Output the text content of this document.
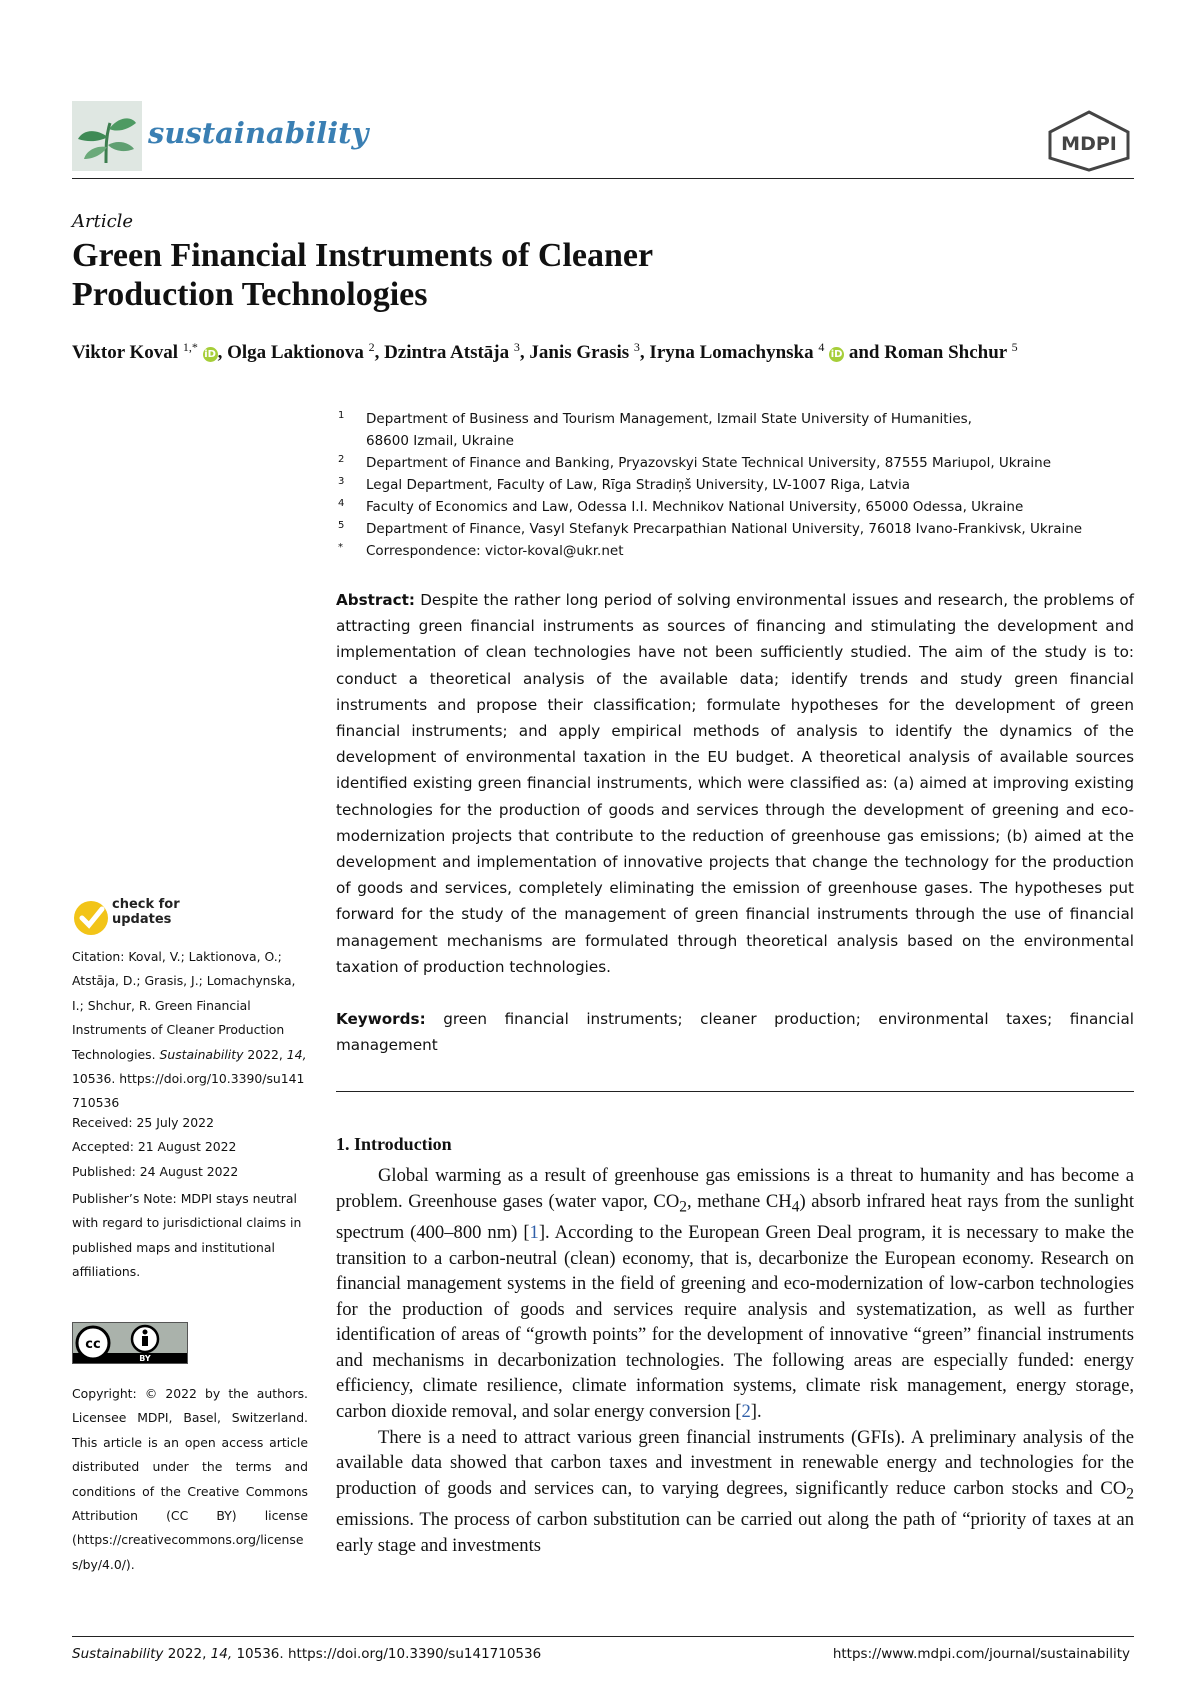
sustainability	MDPI
Article
Green Financial Instruments of Cleaner
Production Technologies
Viktor Koval $^{1,*}$ iD, Olga Laktionova $^2$, Dzintra Atstāja $^3$, Janis Grasis $^3$, Iryna Lomachynska $^4$ iD and Roman Shchur $^5$
1 Department of Business and Tourism Management, Izmail State University of Humanities,
68600 Izmail, Ukraine
2 Department of Finance and Banking, Pryazovskyi State Technical University, 87555 Mariupol, Ukraine
3 Legal Department, Faculty of Law, Rīga Stradiņš University, LV-1007 Riga, Latvia
4 Faculty of Economics and Law, Odessa I.I. Mechnikov National University, 65000 Odessa, Ukraine
5 Department of Finance, Vasyl Stefanyk Precarpathian National University, 76018 Ivano-Frankivsk, Ukraine
* Correspondence: victor-koval@ukr.net
Abstract: Despite the rather long period of solving environmental issues and research, the problems of attracting green financial instruments as sources of financing and stimulating the development and implementation of clean technologies have not been sufficiently studied. The aim of the study is to: conduct a theoretical analysis of the available data; identify trends and study green financial instruments and propose their classification; formulate hypotheses for the development of green financial instruments; and apply empirical methods of analysis to identify the dynamics of the development of environmental taxation in the EU budget. A theoretical analysis of available sources identified existing green financial instruments, which were classified as: (a) aimed at improving existing technologies for the production of goods and services through the development of greening and eco-modernization projects that contribute to the reduction of greenhouse gas emissions; (b) aimed at the development and implementation of innovative projects that change the technology for the production of goods and services, completely eliminating the emission of greenhouse gases. The hypotheses put forward for the study of the management of green financial instruments through the use of financial management mechanisms are formulated through theoretical analysis based on the environmental taxation of production technologies.
Keywords: green financial instruments; cleaner production; environmental taxes; financial management
1. Introduction

Global warming as a result of greenhouse gas emissions is a threat to humanity and has become a problem. Greenhouse gases (water vapor, $CO_2$, methane $CH_4$) absorb infrared heat rays from the sunlight spectrum (400–800 nm) [1]. According to the European Green Deal program, it is necessary to make the transition to a carbon-neutral (clean) economy, that is, decarbonize the European economy. Research on financial management systems in the field of greening and eco-modernization of low-carbon technologies for the production of goods and services require analysis and systematization, as well as further identification of areas of “growth points” for the development of innovative “green” financial instruments and mechanisms in decarbonization technologies. The following areas are especially funded: energy efficiency, climate resilience, climate information systems, climate risk management, energy storage, carbon dioxide removal, and solar energy conversion [2].

There is a need to attract various green financial instruments (GFIs). A preliminary analysis of the available data showed that carbon taxes and investment in renewable energy and technologies for the production of goods and services can, to varying degrees, significantly reduce carbon stocks and $CO_2$ emissions. The process of carbon substitution can be carried out along the path of “priority of taxes at an early stage and investments

check for
updates
Citation: Koval, V.; Laktionova, O.; Atstāja, D.; Grasis, J.; Lomachynska, I.; Shchur, R. Green Financial Instruments of Cleaner Production Technologies. Sustainability 2022, 14, 10536. https://doi.org/10.3390/su141710536
Received: 25 July 2022
Accepted: 21 August 2022
Published: 24 August 2022
Publisher’s Note: MDPI stays neutral with regard to jurisdictional claims in published maps and institutional affiliations.
cc
BY
Copyright: © 2022 by the authors. Licensee MDPI, Basel, Switzerland. This article is an open access article distributed under the terms and conditions of the Creative Commons Attribution (CC BY) license (https://creativecommons.org/licenses/by/4.0/).
Sustainability 2022, 14, 10536. https://doi.org/10.3390/su141710536	https://www.mdpi.com/journal/sustainability
